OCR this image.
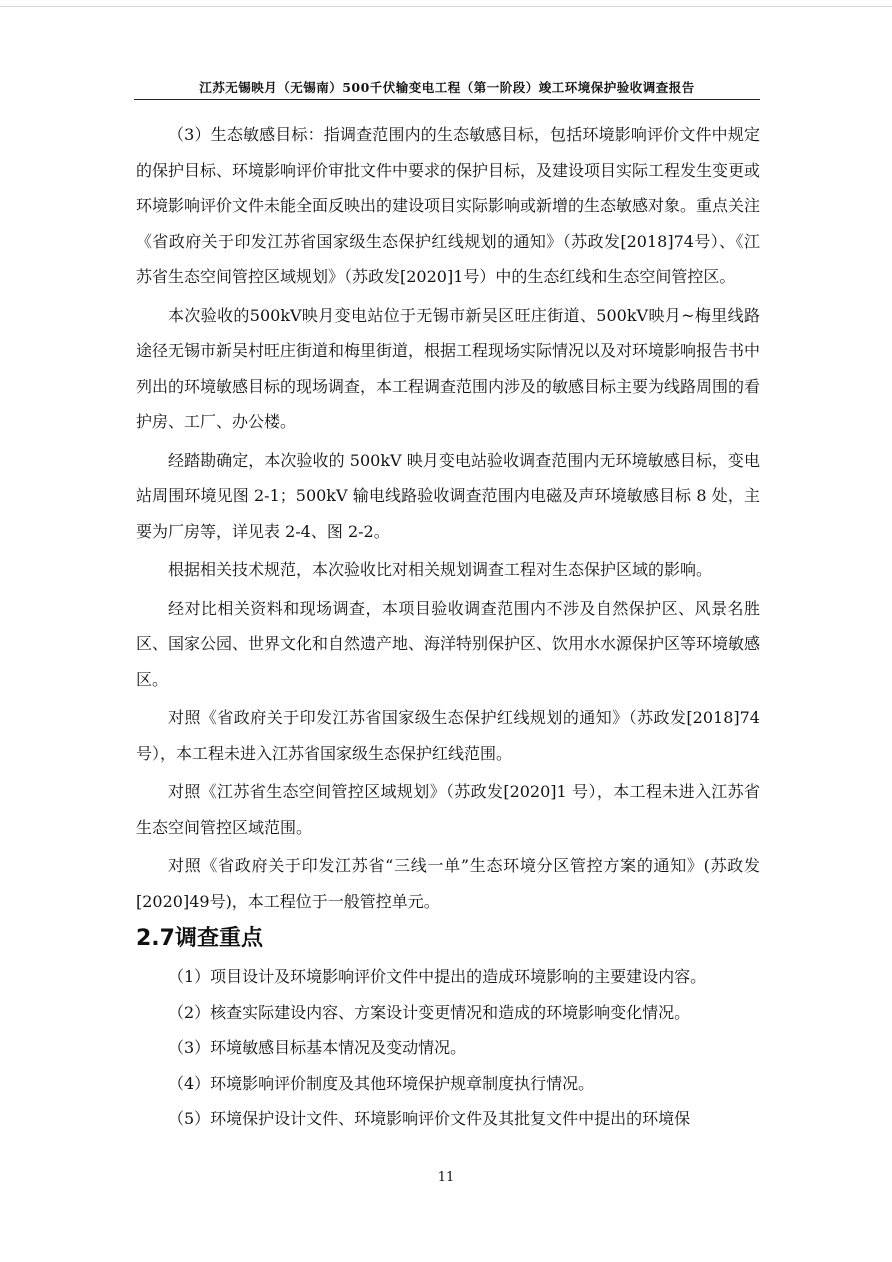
江苏无锡映月（无锡南）500千伏输变电工程（第一阶段）竣工环境保护验收调查报告

（3）生态敏感目标：指调查范围内的生态敏感目标，包括环境影响评价文件中规定的保护目标、环境影响评价审批文件中要求的保护目标，及建设项目实际工程发生变更或环境影响评价文件未能全面反映出的建设项目实际影响或新增的生态敏感对象。重点关注《省政府关于印发江苏省国家级生态保护红线规划的通知》（苏政发[2018]74号）、《江苏省生态空间管控区域规划》（苏政发[2020]1号）中的生态红线和生态空间管控区。

本次验收的500kV映月变电站位于无锡市新吴区旺庄街道、500kV映月~梅里线路途径无锡市新吴村旺庄街道和梅里街道，根据工程现场实际情况以及对环境影响报告书中列出的环境敏感目标的现场调查，本工程调查范围内涉及的敏感目标主要为线路周围的看护房、工厂、办公楼。

经踏勘确定，本次验收的 500kV 映月变电站验收调查范围内无环境敏感目标，变电站周围环境见图 2-1；500kV 输电线路验收调查范围内电磁及声环境敏感目标 8 处，主要为厂房等，详见表 2-4、图 2-2。

根据相关技术规范，本次验收比对相关规划调查工程对生态保护区域的影响。

经对比相关资料和现场调查，本项目验收调查范围内不涉及自然保护区、风景名胜区、国家公园、世界文化和自然遗产地、海洋特别保护区、饮用水水源保护区等环境敏感区。

对照《省政府关于印发江苏省国家级生态保护红线规划的通知》（苏政发[2018]74号），本工程未进入江苏省国家级生态保护红线范围。

对照《江苏省生态空间管控区域规划》（苏政发[2020]1 号），本工程未进入江苏省生态空间管控区域范围。

对照《省政府关于印发江苏省“三线一单”生态环境分区管控方案的通知》(苏政发[2020]49号)，本工程位于一般管控单元。

2.7调查重点

（1）项目设计及环境影响评价文件中提出的造成环境影响的主要建设内容。

（2）核查实际建设内容、方案设计变更情况和造成的环境影响变化情况。

（3）环境敏感目标基本情况及变动情况。

（4）环境影响评价制度及其他环境保护规章制度执行情况。

（5）环境保护设计文件、环境影响评价文件及其批复文件中提出的环境保

11
